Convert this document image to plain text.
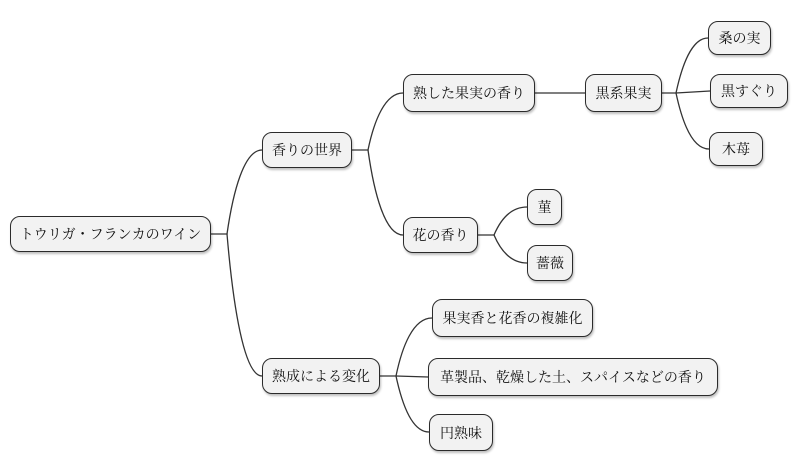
トウリガ・フランカのワイン
香りの世界
熟した果実の香り	黒系果実
桑の実
黒すぐり
木苺
花の香り
菫
薔薇
熟成による変化
果実香と花香の複雑化
革製品、乾燥した土、スパイスなどの香り
円熟味
